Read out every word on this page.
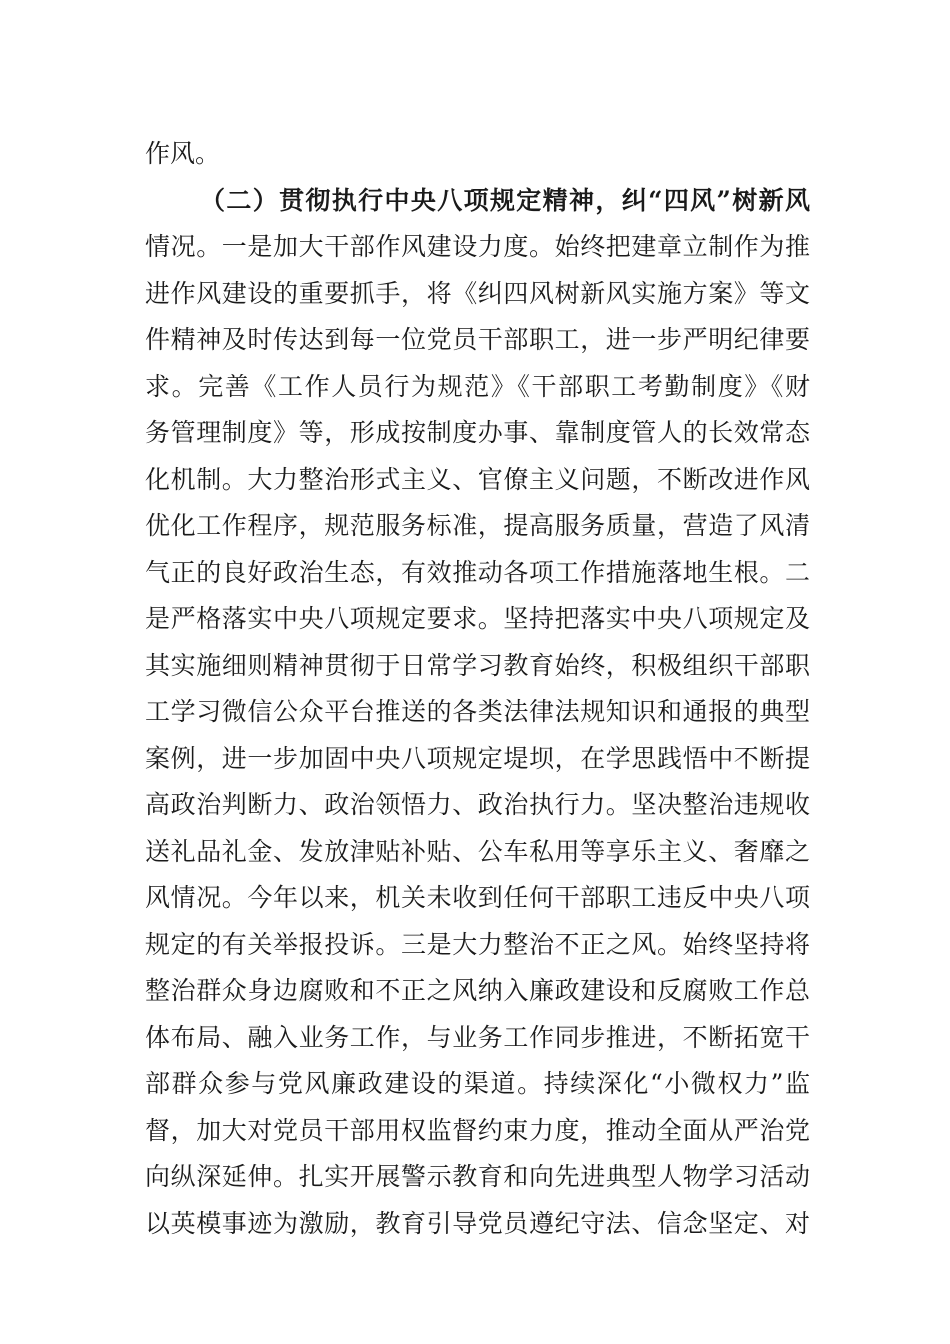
作风。
（二）贯彻执行中央八项规定精神，纠“四风”树新风
情况。一是加大干部作风建设力度。始终把建章立制作为推
进作风建设的重要抓手，将《纠四风树新风实施方案》等文
件精神及时传达到每一位党员干部职工，进一步严明纪律要
求。完善《工作人员行为规范》《干部职工考勤制度》《财
务管理制度》等，形成按制度办事、靠制度管人的长效常态
化机制。大力整治形式主义、官僚主义问题，不断改进作风
优化工作程序，规范服务标准，提高服务质量，营造了风清
气正的良好政治生态，有效推动各项工作措施落地生根。二
是严格落实中央八项规定要求。坚持把落实中央八项规定及
其实施细则精神贯彻于日常学习教育始终，积极组织干部职
工学习微信公众平台推送的各类法律法规知识和通报的典型
案例，进一步加固中央八项规定堤坝，在学思践悟中不断提
高政治判断力、政治领悟力、政治执行力。坚决整治违规收
送礼品礼金、发放津贴补贴、公车私用等享乐主义、奢靡之
风情况。今年以来，机关未收到任何干部职工违反中央八项
规定的有关举报投诉。三是大力整治不正之风。始终坚持将
整治群众身边腐败和不正之风纳入廉政建设和反腐败工作总
体布局、融入业务工作，与业务工作同步推进，不断拓宽干
部群众参与党风廉政建设的渠道。持续深化“小微权力”监
督，加大对党员干部用权监督约束力度，推动全面从严治党
向纵深延伸。扎实开展警示教育和向先进典型人物学习活动
以英模事迹为激励，教育引导党员遵纪守法、信念坚定、对
